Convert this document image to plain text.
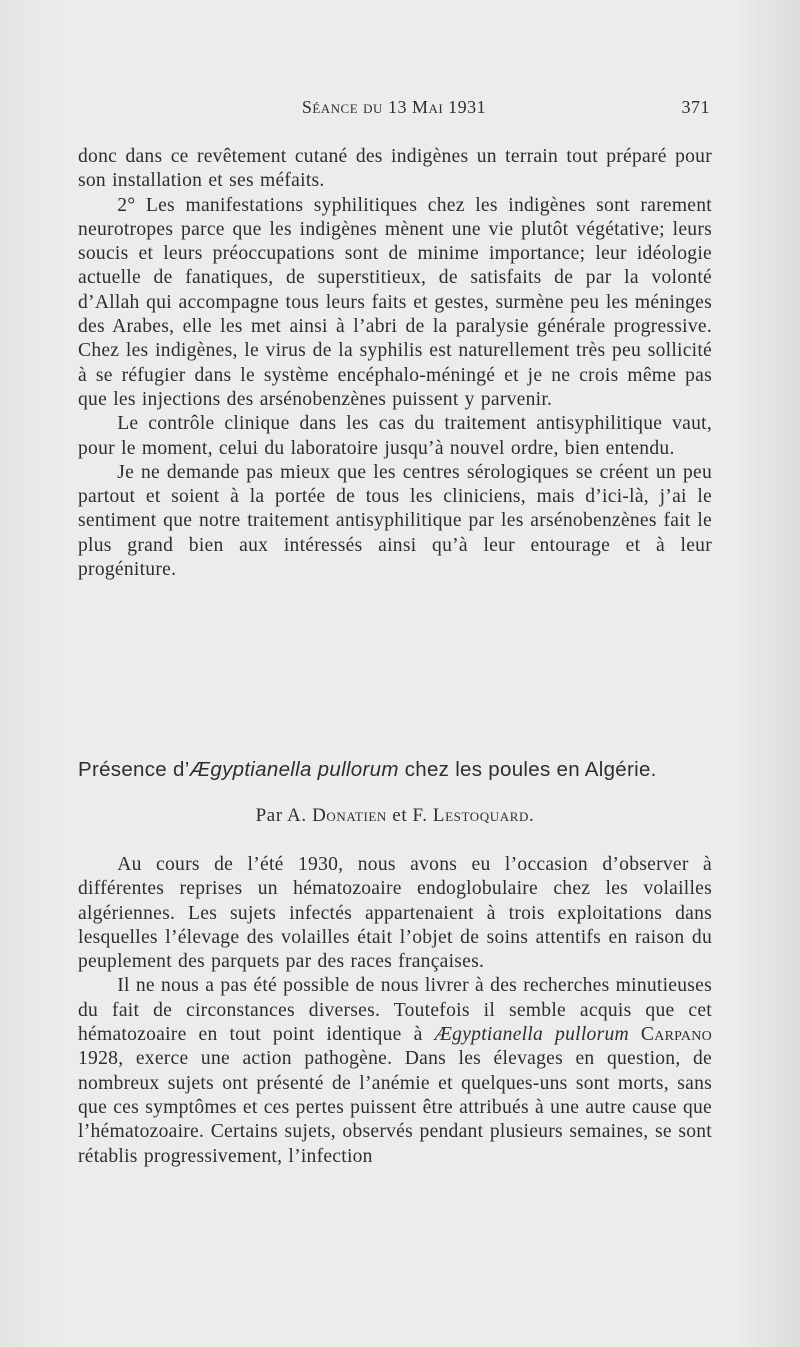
Séance du 13 Mai 1931	371

donc dans ce revêtement cutané des indigènes un terrain tout préparé pour son installation et ses méfaits.

2° Les manifestations syphilitiques chez les indigènes sont rarement neurotropes parce que les indigènes mènent une vie plutôt végétative; leurs soucis et leurs préoccupations sont de minime importance; leur idéologie actuelle de fanatiques, de superstitieux, de satisfaits de par la volonté d’Allah qui accompagne tous leurs faits et gestes, surmène peu les méninges des Arabes, elle les met ainsi à l’abri de la paralysie générale progressive. Chez les indigènes, le virus de la syphilis est naturellement très peu sollicité à se réfugier dans le système encéphalo-méningé et je ne crois même pas que les injections des arsénobenzènes puissent y parvenir.

Le contrôle clinique dans les cas du traitement antisyphilitique vaut, pour le moment, celui du laboratoire jusqu’à nouvel ordre, bien entendu.

Je ne demande pas mieux que les centres sérologiques se créent un peu partout et soient à la portée de tous les cliniciens, mais d’ici-là, j’ai le sentiment que notre traitement antisyphilitique par les arsénobenzènes fait le plus grand bien aux intéressés ainsi qu’à leur entourage et à leur progéniture.

Présence d’Ægyptianella pullorum chez les poules en Algérie.
Par A. Donatien et F. Lestoquard.

Au cours de l’été 1930, nous avons eu l’occasion d’observer à différentes reprises un hématozoaire endoglobulaire chez les volailles algériennes. Les sujets infectés appartenaient à trois exploitations dans lesquelles l’élevage des volailles était l’objet de soins attentifs en raison du peuplement des parquets par des races françaises.

Il ne nous a pas été possible de nous livrer à des recherches minutieuses du fait de circonstances diverses. Toutefois il semble acquis que cet hématozoaire en tout point identique à Ægyptianella pullorum Carpano 1928, exerce une action pathogène. Dans les élevages en question, de nombreux sujets ont présenté de l’anémie et quelques-uns sont morts, sans que ces symptômes et ces pertes puissent être attribués à une autre cause que l’hématozoaire. Certains sujets, observés pendant plusieurs semaines, se sont rétablis progressivement, l’infection
